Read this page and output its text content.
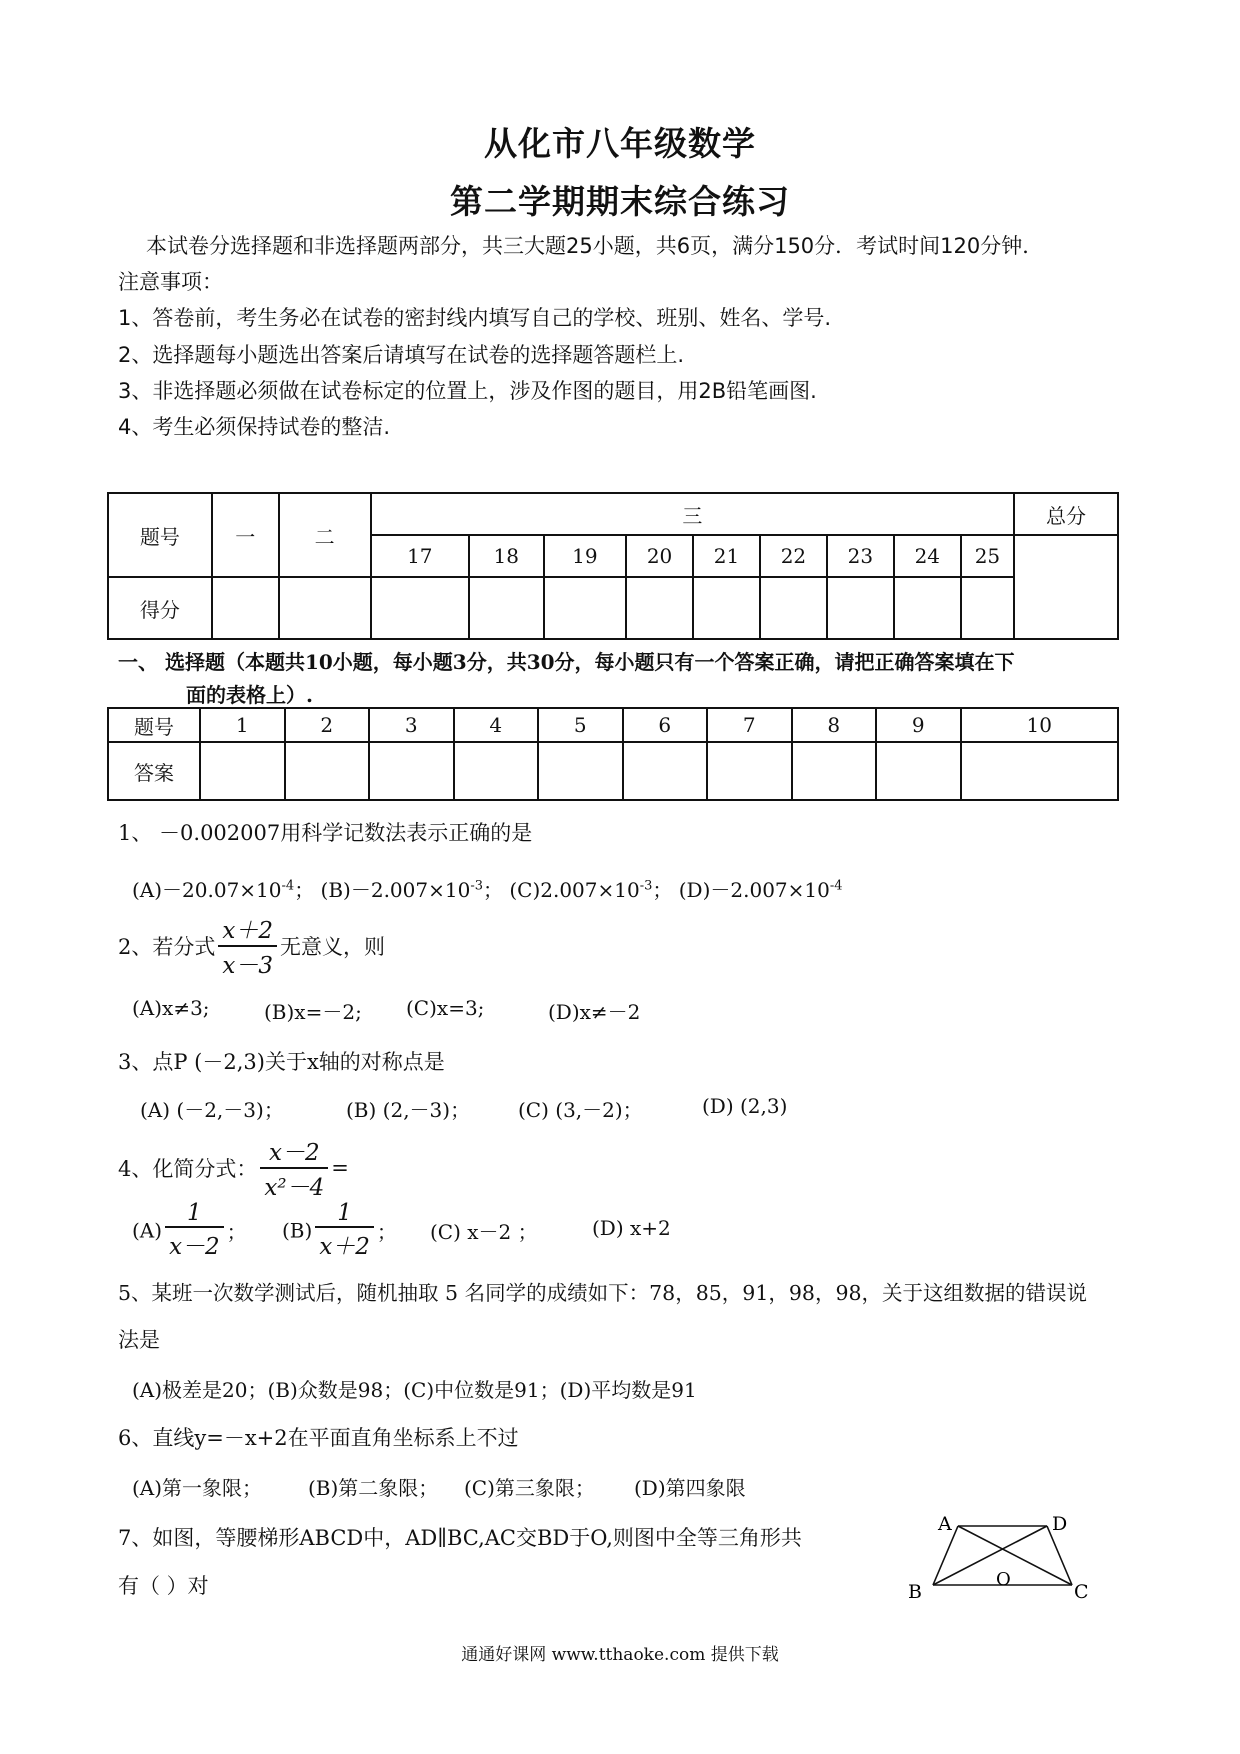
从化市八年级数学
第二学期期末综合练习
本试卷分选择题和非选择题两部分，共三大题25小题，共6页，满分150分．考试时间120分钟．
注意事项：
1、答卷前，考生务必在试卷的密封线内填写自己的学校、班别、姓名、学号.
2、选择题每小题选出答案后请填写在试卷的选择题答题栏上.
3、非选择题必须做在试卷标定的位置上，涉及作图的题目，用2B铅笔画图.
4、考生必须保持试卷的整洁.
题号	一	二	三									总分
			17	18	19	20	21	22	23	24	25	
得分												
一、 选择题（本题共10小题，每小题3分，共30分，每小题只有一个答案正确，请把正确答案填在下
面的表格上）.
题号	1	2	3	4	5	6	7	8	9	10
答案										
1、 －0.002007用科学记数法表示正确的是
$(A)-20.07\times 10^{-4}$； $(B)-2.007\times 10^{-3}$； $(C)2.007\times 10^{-3}$； $(D)-2.007\times 10^{-4}$
2、若分式 $\frac{x+2}{x-3}$ 无意义，则
(A)x≠3;	(B)x=－2; (C)x=3;	(D)x≠－2
3、点P (－2,3)关于x轴的对称点是
(A) (－2,－3)；	(B) (2,－3)； (C) (3,－2)；	(D) (2,3)
4、化简分式： $\frac{x-2}{\text{x²－4}}$ =
$(A) \frac{1}{x-2}$ ； $(B) \frac{1}{x+2}$ ； (C) x－2 ；	(D) x+2
5、某班一次数学测试后，随机抽取 5 名同学的成绩如下：78，85，91，98，98，关于这组数据的错误说
法是
(A)极差是20；(B)众数是98；(C)中位数是91；(D)平均数是91
6、直线y=－x+2在平面直角坐标系上不过
(A)第一象限； (B)第二象限； (C)第三象限； (D)第四象限
7、如图，等腰梯形ABCD中，AD∥BC,AC交BD于O,则图中全等三角形共
有（ ）对
A	D
B	C
O
通通好课网 www.tthaoke.com 提供下载
